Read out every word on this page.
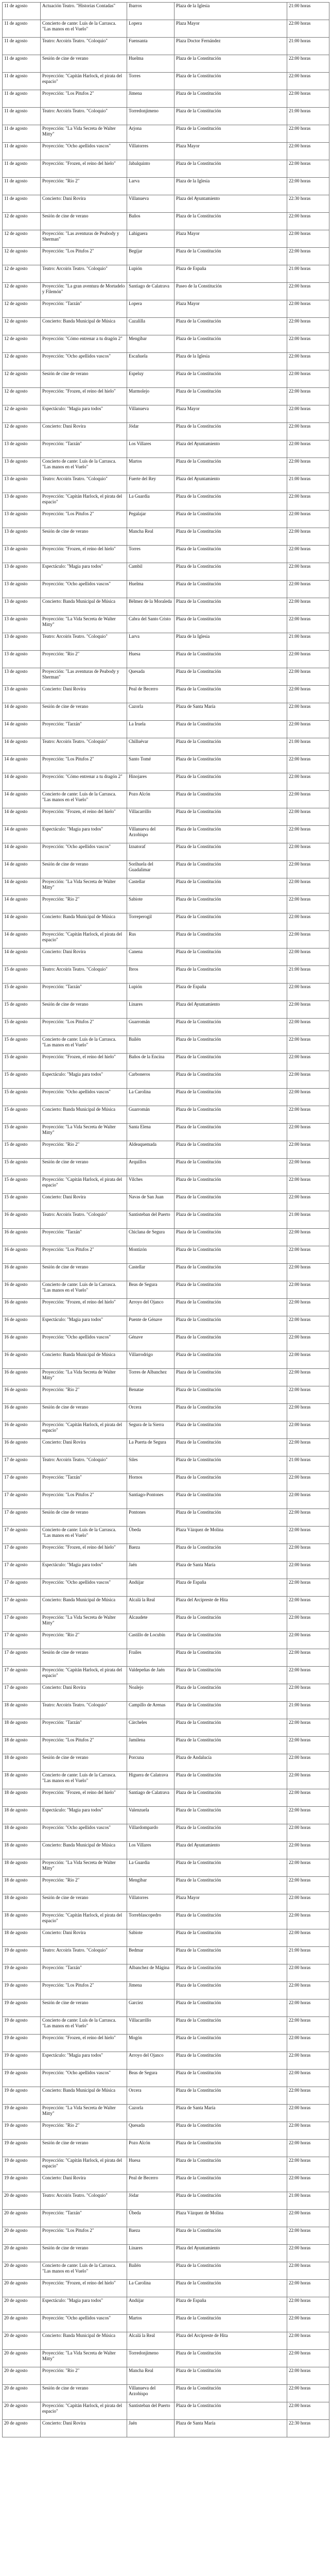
11 de agosto	Actuación Teatro. "Historias Contadas"	Ibarros	Plaza de la Iglesia	21:00 horas
11 de agosto	Concierto de cante: Luis de la Carrasca. "Las manos en el Vuelo"	Lopera	Plaza Mayor	22:00 horas
11 de agosto	Teatro: Arcoiris Teatro. "Coloquio"	Fuensanta	Plaza Doctor Fernández	21:00 horas
11 de agosto	Sesión de cine de verano	Huelma	Plaza de la Constitución	22:00 horas
11 de agosto	Proyección: "Capitán Harlock, el pirata del espacio"	Torres	Plaza de la Constitución	22:00 horas
11 de agosto	Proyección: "Los Pitufos 2"	Jimena	Plaza de la Constitución	22:00 horas
11 de agosto	Teatro: Arcoiris Teatro. "Coloquio"	Torredonjimeno	Plaza de la Constitución	21:00 horas
11 de agosto	Proyección: "La Vida Secreta de Walter Mitty"	Arjona	Plaza de la Constitución	22:00 horas
11 de agosto	Proyección: "Ocho apellidos vascos"	Villatorres	Plaza Mayor	22:00 horas
11 de agosto	Proyección: "Frozen, el reino del hielo"	Jabalquinto	Plaza de la Constitución	22:00 horas
11 de agosto	Proyección: "Río 2"	Larva	Plaza de la Iglesia	22:00 horas
11 de agosto	Concierto: Dani Rovira	Villanueva	Plaza del Ayuntamiento	22:30 horas
12 de agosto	Sesión de cine de verano	Baños	Plaza de la Constitución	22:00 horas
12 de agosto	Proyección: "Las aventuras de Peabody y Sherman"	Lahiguera	Plaza Mayor	22:00 horas
12 de agosto	Proyección: "Los Pitufos 2"	Begíjar	Plaza de la Constitución	22:00 horas
12 de agosto	Teatro: Arcoiris Teatro. "Coloquio"	Lupión	Plaza de España	21:00 horas
12 de agosto	Proyección: "La gran aventura de Mortadelo y Filemón"	Santiago de Calatrava	Paseo de la Constitución	22:00 horas
12 de agosto	Proyección: "Tarzán"	Lopera	Plaza Mayor	22:00 horas
12 de agosto	Concierto: Banda Municipal de Música	Cazalilla	Plaza de la Constitución	22:00 horas
12 de agosto	Proyección: "Cómo entrenar a tu dragón 2"	Mengíbar	Plaza de la Constitución	22:00 horas
12 de agosto	Proyección: "Ocho apellidos vascos"	Escañuela	Plaza de la Iglesia	22:00 horas
12 de agosto	Sesión de cine de verano	Espeluy	Plaza de la Constitución	22:00 horas
12 de agosto	Proyección: "Frozen, el reino del hielo"	Marmolejo	Plaza de la Constitución	22:00 horas
12 de agosto	Espectáculo: "Magia para todos"	Villanueva	Plaza Mayor	22:00 horas
12 de agosto	Concierto: Dani Rovira	Jódar	Plaza de la Constitución	22:00 horas
13 de agosto	Proyección: "Tarzán"	Los Villares	Plaza del Ayuntamiento	22:00 horas
13 de agosto	Concierto de cante: Luis de la Carrasca. "Las manos en el Vuelo"	Martos	Plaza de la Constitución	22:00 horas
13 de agosto	Teatro: Arcoiris Teatro. "Coloquio"	Fuerte del Rey	Plaza del Ayuntamiento	21:00 horas
13 de agosto	Proyección: "Capitán Harlock, el pirata del espacio"	La Guardia	Plaza de la Constitución	22:00 horas
13 de agosto	Proyección: "Los Pitufos 2"	Pegalajar	Plaza de la Constitución	22:00 horas
13 de agosto	Sesión de cine de verano	Mancha Real	Plaza de la Constitución	22:00 horas
13 de agosto	Proyección: "Frozen, el reino del hielo"	Torres	Plaza de la Constitución	22:00 horas
13 de agosto	Espectáculo: "Magia para todos"	Cambil	Plaza de la Constitución	22:00 horas
13 de agosto	Proyección: "Ocho apellidos vascos"	Huelma	Plaza de la Constitución	22:00 horas
13 de agosto	Concierto: Banda Municipal de Música	Bélmez de la Moraleda	Plaza de la Constitución	22:00 horas
13 de agosto	Proyección: "La Vida Secreta de Walter Mitty"	Cabra del Santo Cristo	Plaza de la Constitución	22:00 horas
13 de agosto	Teatro: Arcoiris Teatro. "Coloquio"	Larva	Plaza de la Iglesia	21:00 horas
13 de agosto	Proyección: "Río 2"	Huesa	Plaza de la Constitución	22:00 horas
13 de agosto	Proyección: "Las aventuras de Peabody y Sherman"	Quesada	Plaza de la Constitución	22:00 horas
13 de agosto	Concierto: Dani Rovira	Peal de Becerro	Plaza de la Constitución	22:00 horas
14 de agosto	Sesión de cine de verano	Cazorla	Plaza de Santa María	22:00 horas
14 de agosto	Proyección: "Tarzán"	La Iruela	Plaza de la Constitución	22:00 horas
14 de agosto	Teatro: Arcoiris Teatro. "Coloquio"	Chilluévar	Plaza de la Constitución	21:00 horas
14 de agosto	Proyección: "Los Pitufos 2"	Santo Tomé	Plaza de la Constitución	22:00 horas
14 de agosto	Proyección: "Cómo entrenar a tu dragón 2"	Hinojares	Plaza de la Constitución	22:00 horas
14 de agosto	Concierto de cante: Luis de la Carrasca. "Las manos en el Vuelo"	Pozo Alcón	Plaza de la Constitución	22:00 horas
14 de agosto	Proyección: "Frozen, el reino del hielo"	Villacarrillo	Plaza de la Constitución	22:00 horas
14 de agosto	Espectáculo: "Magia para todos"	Villanueva del Arzobispo	Plaza de la Constitución	22:00 horas
14 de agosto	Proyección: "Ocho apellidos vascos"	Iznatoraf	Plaza de la Constitución	22:00 horas
14 de agosto	Sesión de cine de verano	Sorihuela del Guadalimar	Plaza de la Constitución	22:00 horas
14 de agosto	Proyección: "La Vida Secreta de Walter Mitty"	Castellar	Plaza de la Constitución	22:00 horas
14 de agosto	Proyección: "Río 2"	Sabiote	Plaza de la Constitución	22:00 horas
14 de agosto	Concierto: Banda Municipal de Música	Torreperogil	Plaza de la Constitución	22:00 horas
14 de agosto	Proyección: "Capitán Harlock, el pirata del espacio"	Rus	Plaza de la Constitución	22:00 horas
14 de agosto	Concierto: Dani Rovira	Canena	Plaza de la Constitución	22:00 horas
15 de agosto	Teatro: Arcoiris Teatro. "Coloquio"	Ibros	Plaza de la Constitución	21:00 horas
15 de agosto	Proyección: "Tarzán"	Lupión	Plaza de España	22:00 horas
15 de agosto	Sesión de cine de verano	Linares	Plaza del Ayuntamiento	22:00 horas
15 de agosto	Proyección: "Los Pitufos 2"	Guarromán	Plaza de la Constitución	22:00 horas
15 de agosto	Concierto de cante: Luis de la Carrasca. "Las manos en el Vuelo"	Bailén	Plaza de la Constitución	22:00 horas
15 de agosto	Proyección: "Frozen, el reino del hielo"	Baños de la Encina	Plaza de la Constitución	22:00 horas
15 de agosto	Espectáculo: "Magia para todos"	Carboneros	Plaza de la Constitución	22:00 horas
15 de agosto	Proyección: "Ocho apellidos vascos"	La Carolina	Plaza de la Constitución	22:00 horas
15 de agosto	Concierto: Banda Municipal de Música	Guarromán	Plaza de la Constitución	22:00 horas
15 de agosto	Proyección: "La Vida Secreta de Walter Mitty"	Santa Elena	Plaza de la Constitución	22:00 horas
15 de agosto	Proyección: "Río 2"	Aldeaquemada	Plaza de la Constitución	22:00 horas
15 de agosto	Sesión de cine de verano	Arquillos	Plaza de la Constitución	22:00 horas
15 de agosto	Proyección: "Capitán Harlock, el pirata del espacio"	Vilches	Plaza de la Constitución	22:00 horas
15 de agosto	Concierto: Dani Rovira	Navas de San Juan	Plaza de la Constitución	22:00 horas
16 de agosto	Teatro: Arcoiris Teatro. "Coloquio"	Santisteban del Puerto	Plaza de la Constitución	21:00 horas
16 de agosto	Proyección: "Tarzán"	Chiclana de Segura	Plaza de la Constitución	22:00 horas
16 de agosto	Proyección: "Los Pitufos 2"	Montizón	Plaza de la Constitución	22:00 horas
16 de agosto	Sesión de cine de verano	Castellar	Plaza de la Constitución	22:00 horas
16 de agosto	Concierto de cante: Luis de la Carrasca. "Las manos en el Vuelo"	Beas de Segura	Plaza de la Constitución	22:00 horas
16 de agosto	Proyección: "Frozen, el reino del hielo"	Arroyo del Ojanco	Plaza de la Constitución	22:00 horas
16 de agosto	Espectáculo: "Magia para todos"	Puente de Génave	Plaza de la Constitución	22:00 horas
16 de agosto	Proyección: "Ocho apellidos vascos"	Génave	Plaza de la Constitución	22:00 horas
16 de agosto	Concierto: Banda Municipal de Música	Villarrodrigo	Plaza de la Constitución	22:00 horas
16 de agosto	Proyección: "La Vida Secreta de Walter Mitty"	Torres de Albanchez	Plaza de la Constitución	22:00 horas
16 de agosto	Proyección: "Río 2"	Benatae	Plaza de la Constitución	22:00 horas
16 de agosto	Sesión de cine de verano	Orcera	Plaza de la Constitución	22:00 horas
16 de agosto	Proyección: "Capitán Harlock, el pirata del espacio"	Segura de la Sierra	Plaza de la Constitución	22:00 horas
16 de agosto	Concierto: Dani Rovira	La Puerta de Segura	Plaza de la Constitución	22:00 horas
17 de agosto	Teatro: Arcoiris Teatro. "Coloquio"	Siles	Plaza de la Constitución	21:00 horas
17 de agosto	Proyección: "Tarzán"	Hornos	Plaza de la Constitución	22:00 horas
17 de agosto	Proyección: "Los Pitufos 2"	Santiago-Pontones	Plaza de la Constitución	22:00 horas
17 de agosto	Sesión de cine de verano	Pontones	Plaza de la Constitución	22:00 horas
17 de agosto	Concierto de cante: Luis de la Carrasca. "Las manos en el Vuelo"	Úbeda	Plaza Vázquez de Molina	22:00 horas
17 de agosto	Proyección: "Frozen, el reino del hielo"	Baeza	Plaza de la Constitución	22:00 horas
17 de agosto	Espectáculo: "Magia para todos"	Jaén	Plaza de Santa María	22:00 horas
17 de agosto	Proyección: "Ocho apellidos vascos"	Andújar	Plaza de España	22:00 horas
17 de agosto	Concierto: Banda Municipal de Música	Alcalá la Real	Plaza del Arcipreste de Hita	22:00 horas
17 de agosto	Proyección: "La Vida Secreta de Walter Mitty"	Alcaudete	Plaza de la Constitución	22:00 horas
17 de agosto	Proyección: "Río 2"	Castillo de Locubín	Plaza de la Constitución	22:00 horas
17 de agosto	Sesión de cine de verano	Frailes	Plaza de la Constitución	22:00 horas
17 de agosto	Proyección: "Capitán Harlock, el pirata del espacio"	Valdepeñas de Jaén	Plaza de la Constitución	22:00 horas
17 de agosto	Concierto: Dani Rovira	Noalejo	Plaza de la Constitución	22:00 horas
18 de agosto	Teatro: Arcoiris Teatro. "Coloquio"	Campillo de Arenas	Plaza de la Constitución	21:00 horas
18 de agosto	Proyección: "Tarzán"	Cárcheles	Plaza de la Constitución	22:00 horas
18 de agosto	Proyección: "Los Pitufos 2"	Jamilena	Plaza de la Constitución	22:00 horas
18 de agosto	Sesión de cine de verano	Porcuna	Plaza de Andalucía	22:00 horas
18 de agosto	Concierto de cante: Luis de la Carrasca. "Las manos en el Vuelo"	Higuera de Calatrava	Plaza de la Constitución	22:00 horas
18 de agosto	Proyección: "Frozen, el reino del hielo"	Santiago de Calatrava	Plaza de la Constitución	22:00 horas
18 de agosto	Espectáculo: "Magia para todos"	Valenzuela	Plaza de la Constitución	22:00 horas
18 de agosto	Proyección: "Ocho apellidos vascos"	Villardompardo	Plaza de la Constitución	22:00 horas
18 de agosto	Concierto: Banda Municipal de Música	Los Villares	Plaza del Ayuntamiento	22:00 horas
18 de agosto	Proyección: "La Vida Secreta de Walter Mitty"	La Guardia	Plaza de la Constitución	22:00 horas
18 de agosto	Proyección: "Río 2"	Mengíbar	Plaza de la Constitución	22:00 horas
18 de agosto	Sesión de cine de verano	Villatorres	Plaza Mayor	22:00 horas
18 de agosto	Proyección: "Capitán Harlock, el pirata del espacio"	Torreblascopedro	Plaza de la Constitución	22:00 horas
18 de agosto	Concierto: Dani Rovira	Sabiote	Plaza de la Constitución	22:00 horas
19 de agosto	Teatro: Arcoiris Teatro. "Coloquio"	Bedmar	Plaza de la Constitución	21:00 horas
19 de agosto	Proyección: "Tarzán"	Albanchez de Mágina	Plaza de la Constitución	22:00 horas
19 de agosto	Proyección: "Los Pitufos 2"	Jimena	Plaza de la Constitución	22:00 horas
19 de agosto	Sesión de cine de verano	Garcíez	Plaza de la Constitución	22:00 horas
19 de agosto	Concierto de cante: Luis de la Carrasca. "Las manos en el Vuelo"	Villacarrillo	Plaza de la Constitución	22:00 horas
19 de agosto	Proyección: "Frozen, el reino del hielo"	Mogón	Plaza de la Constitución	22:00 horas
19 de agosto	Espectáculo: "Magia para todos"	Arroyo del Ojanco	Plaza de la Constitución	22:00 horas
19 de agosto	Proyección: "Ocho apellidos vascos"	Beas de Segura	Plaza de la Constitución	22:00 horas
19 de agosto	Concierto: Banda Municipal de Música	Orcera	Plaza de la Constitución	22:00 horas
19 de agosto	Proyección: "La Vida Secreta de Walter Mitty"	Cazorla	Plaza de Santa María	22:00 horas
19 de agosto	Proyección: "Río 2"	Quesada	Plaza de la Constitución	22:00 horas
19 de agosto	Sesión de cine de verano	Pozo Alcón	Plaza de la Constitución	22:00 horas
19 de agosto	Proyección: "Capitán Harlock, el pirata del espacio"	Huesa	Plaza de la Constitución	22:00 horas
19 de agosto	Concierto: Dani Rovira	Peal de Becerro	Plaza de la Constitución	22:00 horas
20 de agosto	Teatro: Arcoiris Teatro. "Coloquio"	Jódar	Plaza de la Constitución	21:00 horas
20 de agosto	Proyección: "Tarzán"	Úbeda	Plaza Vázquez de Molina	22:00 horas
20 de agosto	Proyección: "Los Pitufos 2"	Baeza	Plaza de la Constitución	22:00 horas
20 de agosto	Sesión de cine de verano	Linares	Plaza del Ayuntamiento	22:00 horas
20 de agosto	Concierto de cante: Luis de la Carrasca. "Las manos en el Vuelo"	Bailén	Plaza de la Constitución	22:00 horas
20 de agosto	Proyección: "Frozen, el reino del hielo"	La Carolina	Plaza de la Constitución	22:00 horas
20 de agosto	Espectáculo: "Magia para todos"	Andújar	Plaza de España	22:00 horas
20 de agosto	Proyección: "Ocho apellidos vascos"	Martos	Plaza de la Constitución	22:00 horas
20 de agosto	Concierto: Banda Municipal de Música	Alcalá la Real	Plaza del Arcipreste de Hita	22:00 horas
20 de agosto	Proyección: "La Vida Secreta de Walter Mitty"	Torredonjimeno	Plaza de la Constitución	22:00 horas
20 de agosto	Proyección: "Río 2"	Mancha Real	Plaza de la Constitución	22:00 horas
20 de agosto	Sesión de cine de verano	Villanueva del Arzobispo	Plaza de la Constitución	22:00 horas
20 de agosto	Proyección: "Capitán Harlock, el pirata del espacio"	Santisteban del Puerto	Plaza de la Constitución	22:00 horas
20 de agosto	Concierto: Dani Rovira	Jaén	Plaza de Santa María	22:30 horas
